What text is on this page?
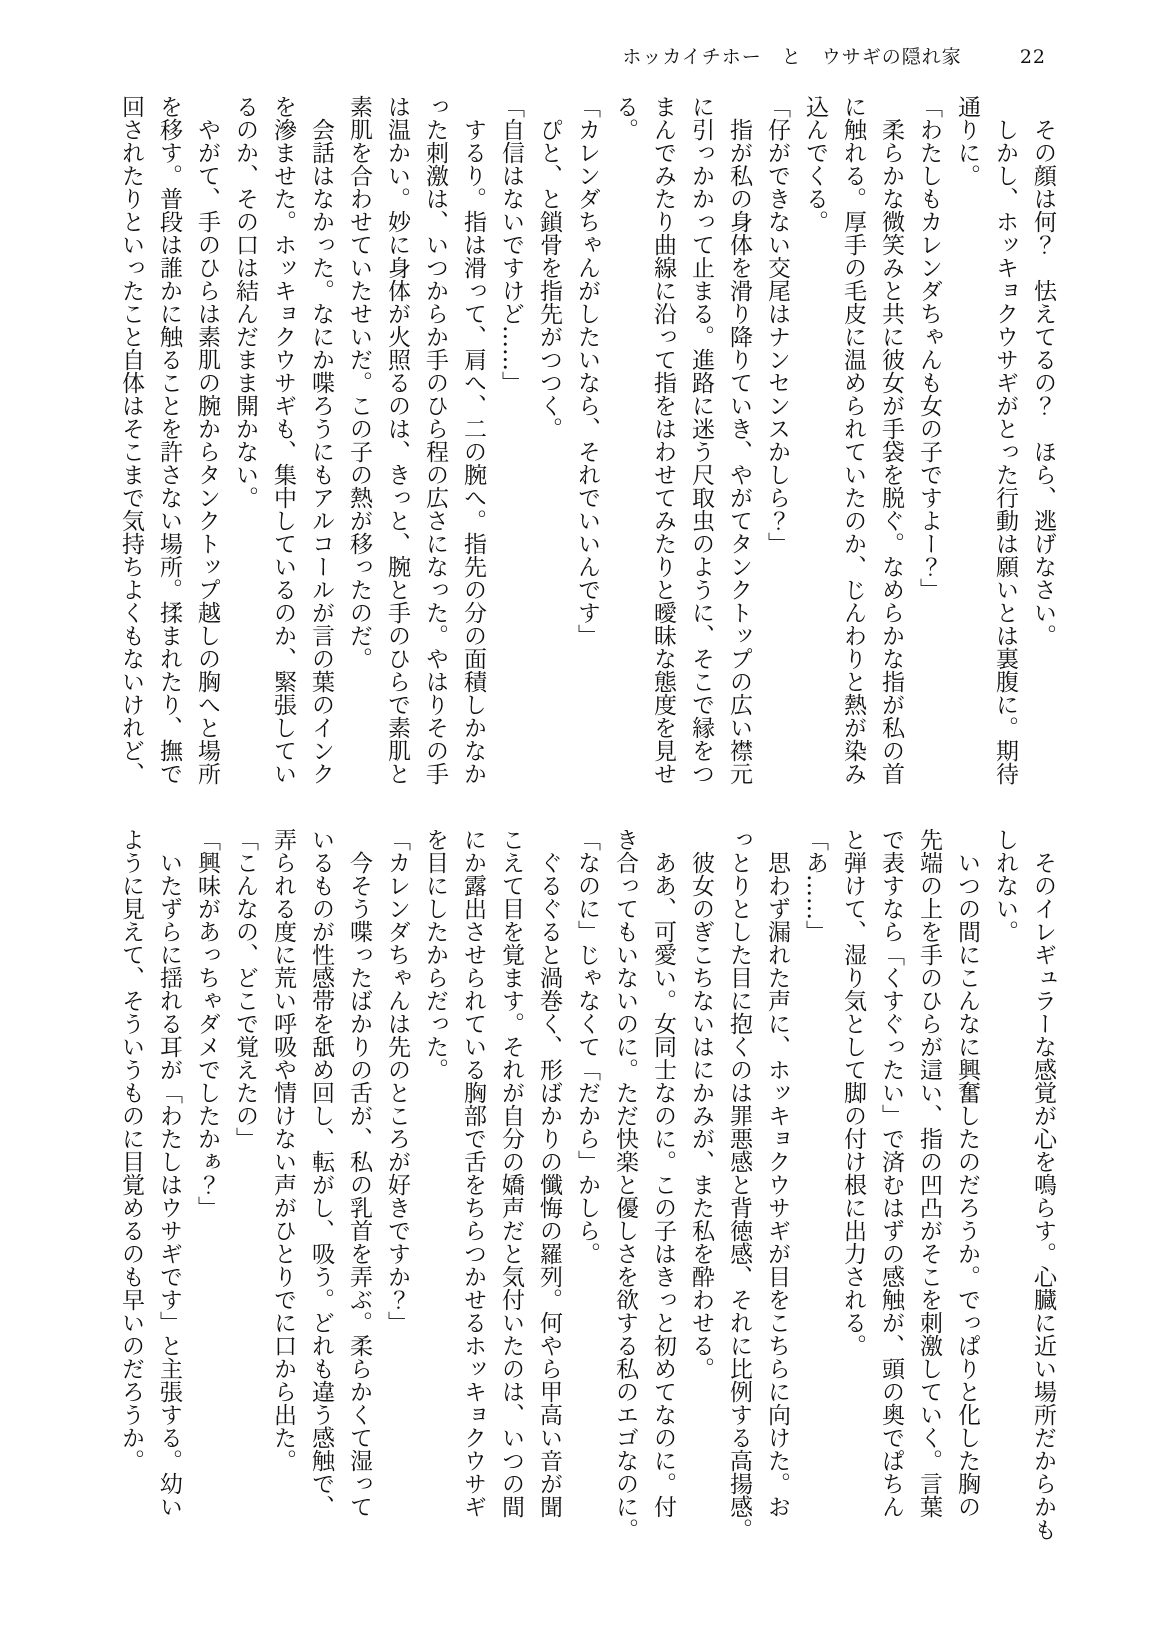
ホッカイチホー　と　ウサギの隠れ家	22

その顔は何？　怯えてるの？　ほら、逃げなさい。

しかし、ホッキョクウサギがとった行動は願いとは裏腹に。期待

通りに。

「わたしもカレンダちゃんも女の子ですよー？」

柔らかな微笑みと共に彼女が手袋を脱ぐ。なめらかな指が私の首

に触れる。厚手の毛皮に温められていたのか、じんわりと熱が染み

込んでくる。

「仔ができない交尾はナンセンスかしら？」

指が私の身体を滑り降りていき、やがてタンクトップの広い襟元

に引っかかって止まる。進路に迷う尺取虫のように、そこで縁をつ

まんでみたり曲線に沿って指をはわせてみたりと曖昧な態度を見せ

る。

「カレンダちゃんがしたいなら、それでいいんです」

ぴと、と鎖骨を指先がつつく。

「自信はないですけど……」

するり。指は滑って、肩へ、二の腕へ。指先の分の面積しかなか

った刺激は、いつからか手のひら程の広さになった。やはりその手

は温かい。妙に身体が火照るのは、きっと、腕と手のひらで素肌と

素肌を合わせていたせいだ。この子の熱が移ったのだ。

会話はなかった。なにか喋ろうにもアルコールが言の葉のインク

を滲ませた。ホッキョクウサギも、集中しているのか、緊張してい

るのか、その口は結んだまま開かない。

やがて、手のひらは素肌の腕からタンクトップ越しの胸へと場所

を移す。普段は誰かに触ることを許さない場所。揉まれたり、撫で

回されたりといったこと自体はそこまで気持ちよくもないけれど、

そのイレギュラーな感覚が心を鳴らす。心臓に近い場所だからかも

しれない。

いつの間にこんなに興奮したのだろうか。でっぱりと化した胸の

先端の上を手のひらが這い、指の凹凸がそこを刺激していく。言葉

で表すなら「くすぐったい」で済むはずの感触が、頭の奥でぱちん

と弾けて、湿り気として脚の付け根に出力される。

「あ……」

思わず漏れた声に、ホッキョクウサギが目をこちらに向けた。お

っとりとした目に抱くのは罪悪感と背徳感、それに比例する高揚感。

彼女のぎこちないはにかみが、また私を酔わせる。

ああ、可愛い。女同士なのに。この子はきっと初めてなのに。付

き合ってもいないのに。ただ快楽と優しさを欲する私のエゴなのに。

「なのに」じゃなくて「だから」かしら。

ぐるぐると渦巻く、形ばかりの懺悔の羅列。何やら甲高い音が聞

こえて目を覚ます。それが自分の嬌声だと気付いたのは、いつの間

にか露出させられている胸部で舌をちらつかせるホッキョクウサギ

を目にしたからだった。

「カレンダちゃんは先のところが好きですか？」

今そう喋ったばかりの舌が、私の乳首を弄ぶ。柔らかくて湿って

いるものが性感帯を舐め回し、転がし、吸う。どれも違う感触で、

弄られる度に荒い呼吸や情けない声がひとりでに口から出た。

「こんなの、どこで覚えたの」

「興味があっちゃダメでしたかぁ？」

いたずらに揺れる耳が「わたしはウサギです」と主張する。幼い

ように見えて、そういうものに目覚めるのも早いのだろうか。
